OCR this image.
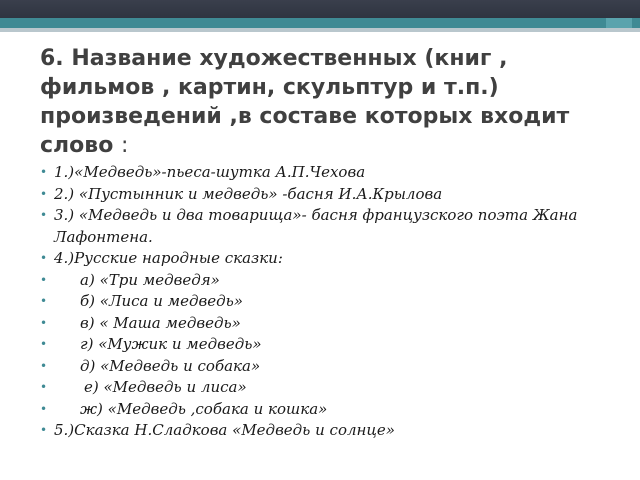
6. Название художественных (книг , фильмов , картин, скульптур и т.п.) произведений ,в составе которых входит слово :
• 1.)«Медведь»-пьеса-шутка А.П.Чехова
• 2.) «Пустынник и медведь» -басня И.А.Крылова
• 3.) «Медведь и два товарища»- басня французского поэта Жана Лафонтена.
• 4.)Русские народные сказки:
• а) «Три медведя»
• б) «Лиса и медведь»
• в) « Маша медведь»
• г) «Мужик и медведь»
• д) «Медведь и собака»
• е) «Медведь и лиса»
• ж) «Медведь ,собака и кошка»
• 5.)Сказка Н.Сладкова «Медведь и солнце»
